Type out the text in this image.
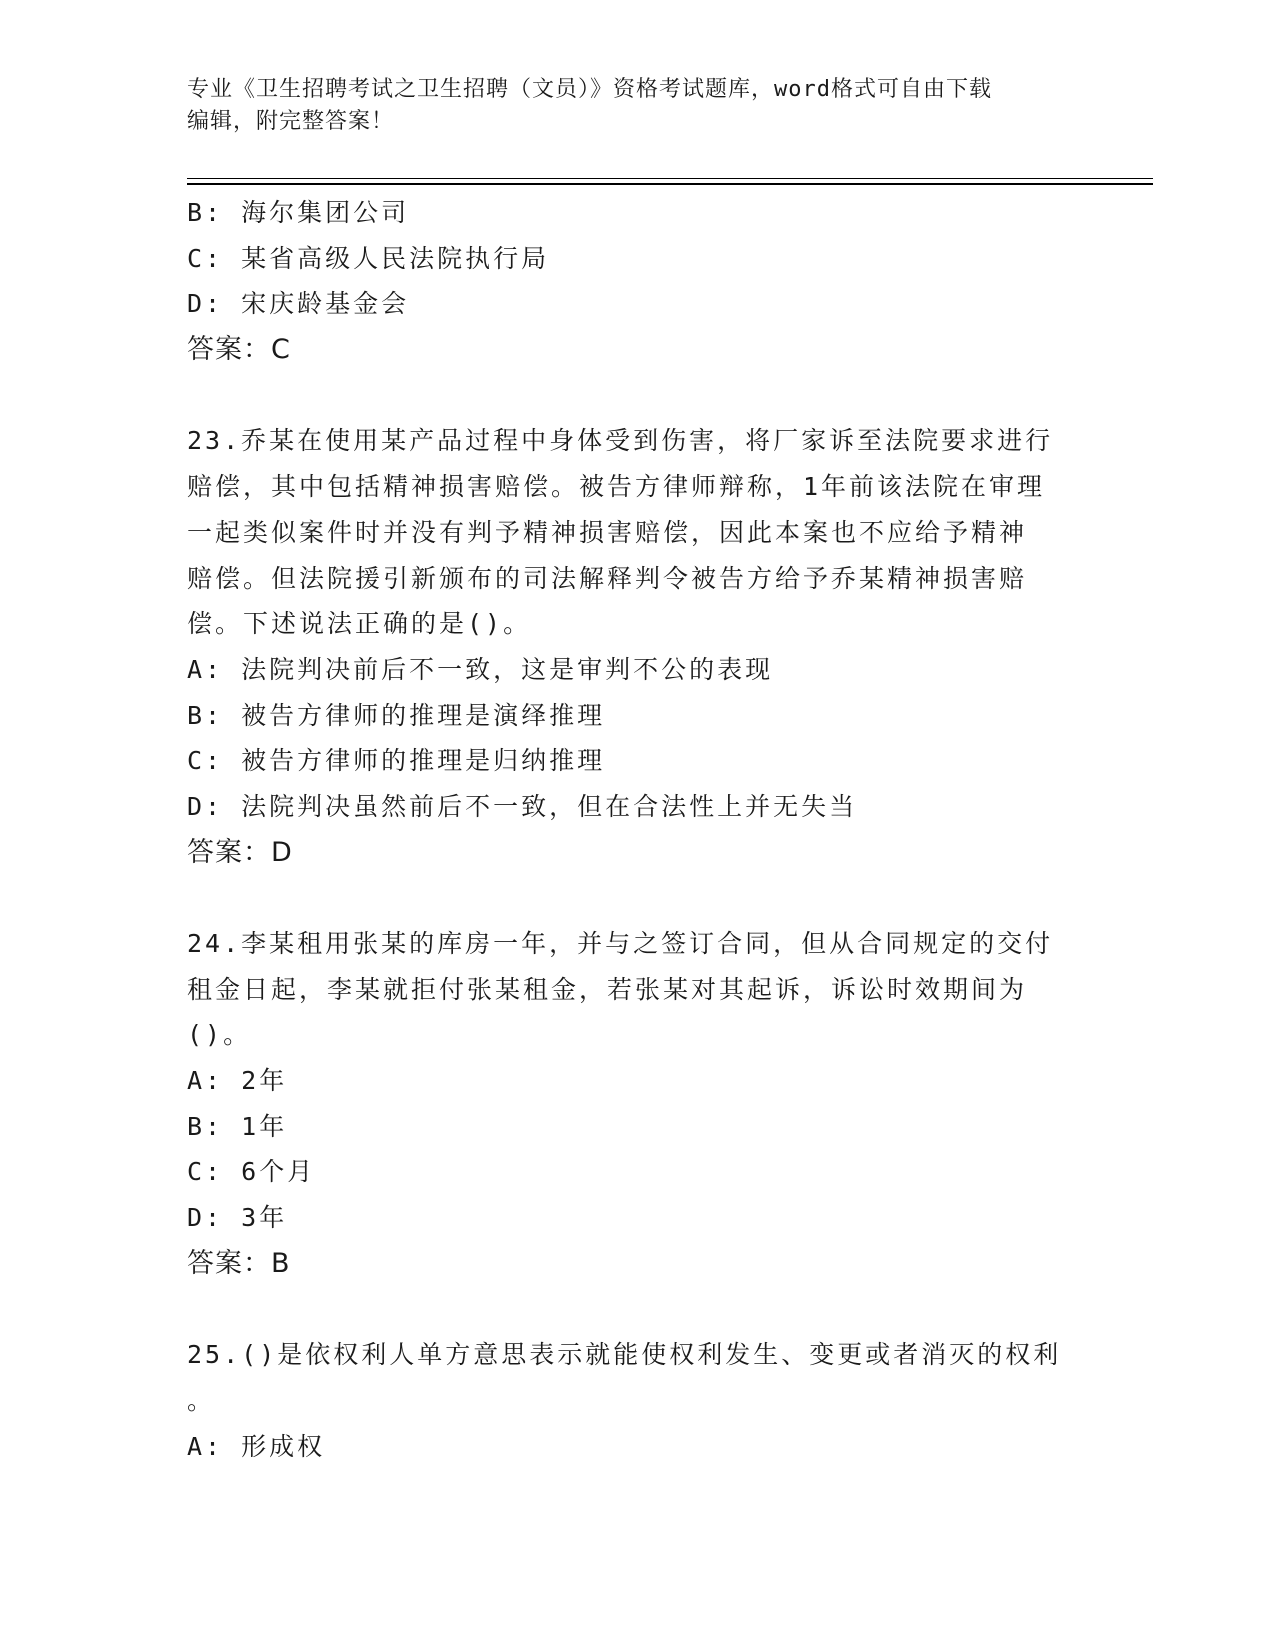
专业《卫生招聘考试之卫生招聘（文员）》资格考试题库，word格式可自由下载
编辑，附完整答案！
B: 海尔集团公司
C: 某省高级人民法院执行局
D: 宋庆龄基金会
答案：C
23.乔某在使用某产品过程中身体受到伤害，将厂家诉至法院要求进行
赔偿，其中包括精神损害赔偿。被告方律师辩称，1年前该法院在审理
一起类似案件时并没有判予精神损害赔偿，因此本案也不应给予精神
赔偿。但法院援引新颁布的司法解释判令被告方给予乔某精神损害赔
偿。下述说法正确的是()。
A: 法院判决前后不一致，这是审判不公的表现
B: 被告方律师的推理是演绎推理
C: 被告方律师的推理是归纳推理
D: 法院判决虽然前后不一致，但在合法性上并无失当
答案：D
24.李某租用张某的库房一年，并与之签订合同，但从合同规定的交付
租金日起，李某就拒付张某租金，若张某对其起诉，诉讼时效期间为
()。
A: 2年
B: 1年
C: 6个月
D: 3年
答案：B
25.()是依权利人单方意思表示就能使权利发生、变更或者消灭的权利
。
A: 形成权
